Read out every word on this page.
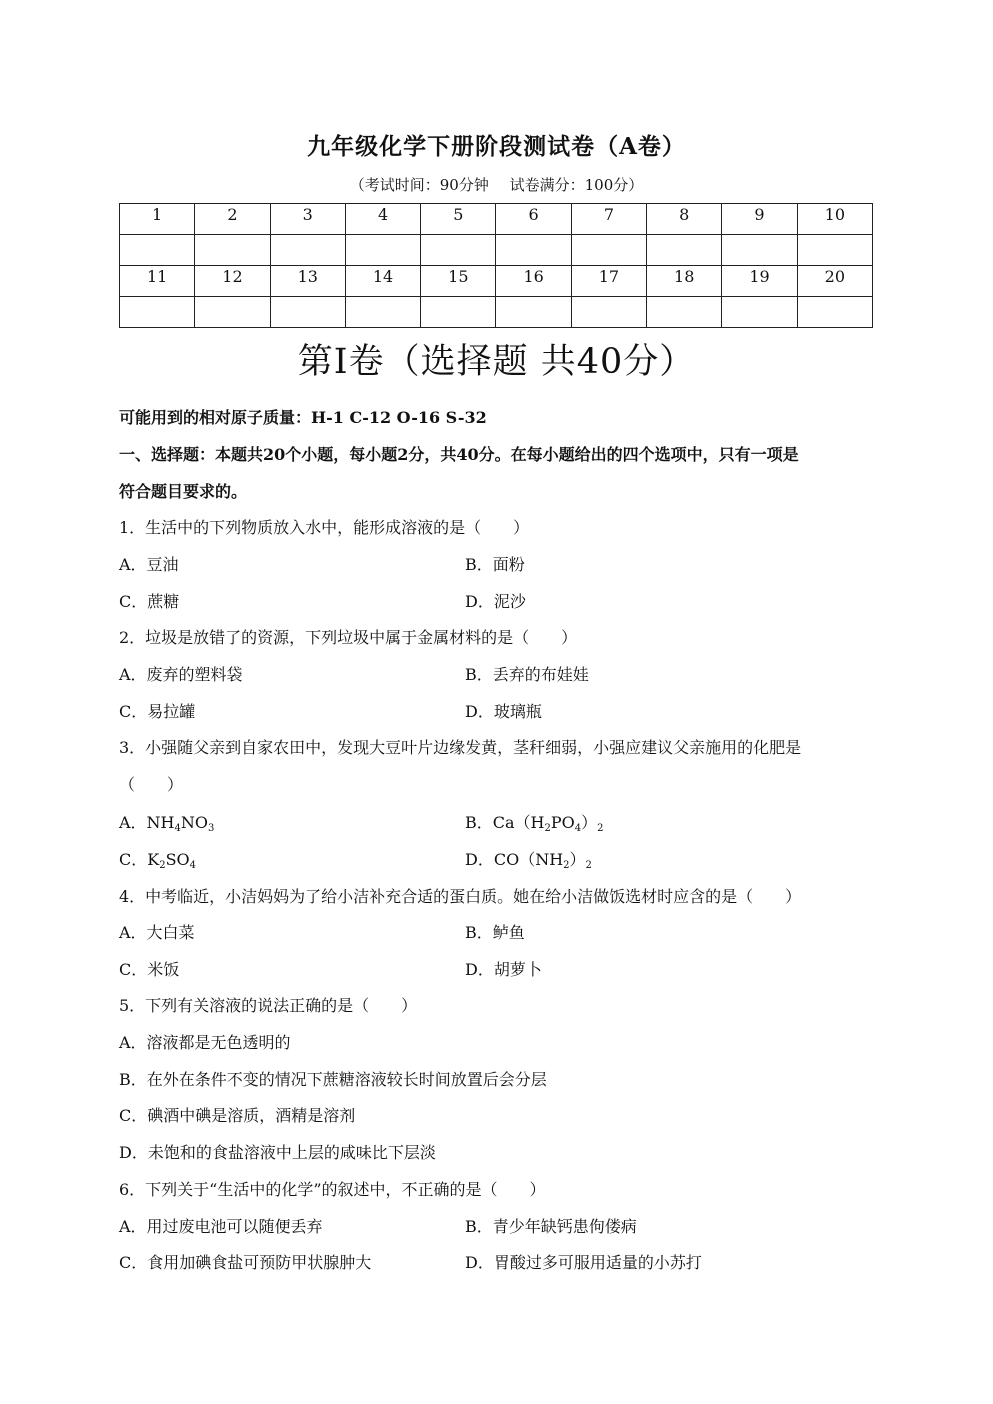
九年级化学下册阶段测试卷（A卷）
（考试时间：90分钟 试卷满分：100分）
1	2	3	4	5	6	7	8	9	10

11	12	13	14	15	16	17	18	19	20

第Ⅰ卷（选择题 共40分）
可能用到的相对原子质量：H-1 C-12 O-16 S-32
一、选择题：本题共20个小题，每小题2分，共40分。在每小题给出的四个选项中，只有一项是
符合题目要求的。
1．生活中的下列物质放入水中，能形成溶液的是（　　）
A．豆油	B．面粉
C．蔗糖	D．泥沙
2．垃圾是放错了的资源，下列垃圾中属于金属材料的是（　　）
A．废弃的塑料袋	B．丢弃的布娃娃
C．易拉罐	D．玻璃瓶
3．小强随父亲到自家农田中，发现大豆叶片边缘发黄，茎秆细弱，小强应建议父亲施用的化肥是
（　　）
A．$NH_4NO_3$	B．$Ca(H_2PO_4)_2$
C．$K_2SO_4$	D．$CO(NH_2)_2$
4．中考临近，小洁妈妈为了给小洁补充合适的蛋白质。她在给小洁做饭选材时应含的是（　　）
A．大白菜	B．鲈鱼
C．米饭	D．胡萝卜
5．下列有关溶液的说法正确的是（　　）
A．溶液都是无色透明的
B．在外在条件不变的情况下蔗糖溶液较长时间放置后会分层
C．碘酒中碘是溶质，酒精是溶剂
D．未饱和的食盐溶液中上层的咸味比下层淡
6．下列关于“生活中的化学”的叙述中，不正确的是（　　）
A．用过废电池可以随便丢弃	B．青少年缺钙患佝偻病
C．食用加碘食盐可预防甲状腺肿大	D．胃酸过多可服用适量的小苏打
